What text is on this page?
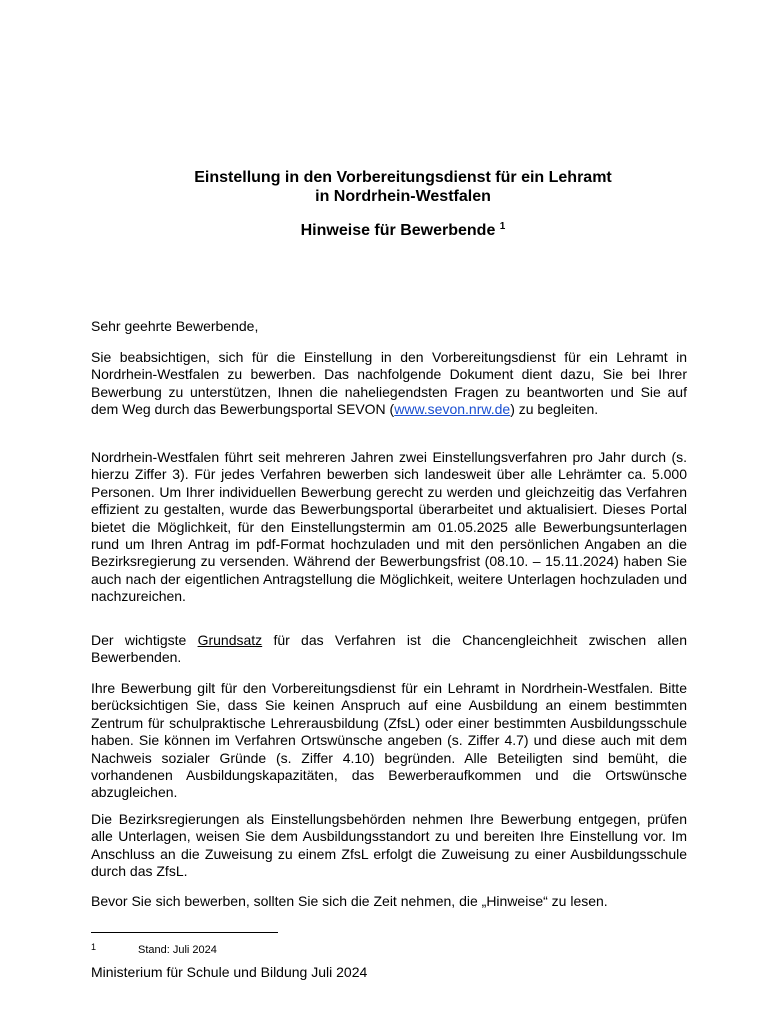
Einstellung in den Vorbereitungsdienst für ein Lehramt
in Nordrhein-Westfalen
Hinweise für Bewerbende $^1$

Sehr geehrte Bewerbende,

Sie beabsichtigen, sich für die Einstellung in den Vorbereitungsdienst für ein Lehramt in Nordrhein-Westfalen zu bewerben. Das nachfolgende Dokument dient dazu, Sie bei Ihrer Bewerbung zu unterstützen, Ihnen die naheliegendsten Fragen zu beantworten und Sie auf dem Weg durch das Bewerbungsportal SEVON (www.sevon.nrw.de) zu begleiten.

Nordrhein-Westfalen führt seit mehreren Jahren zwei Einstellungsverfahren pro Jahr durch (s. hierzu Ziffer 3). Für jedes Verfahren bewerben sich landesweit über alle Lehrämter ca. 5.000 Personen. Um Ihrer individuellen Bewerbung gerecht zu werden und gleichzeitig das Verfahren effizient zu gestalten, wurde das Bewerbungsportal überarbeitet und aktualisiert. Dieses Portal bietet die Möglichkeit, für den Einstellungstermin am 01.05.2025 alle Bewerbungsunterlagen rund um Ihren Antrag im pdf-Format hochzuladen und mit den persönlichen Angaben an die Bezirksregierung zu versenden. Während der Bewerbungsfrist (08.10. – 15.11.2024) haben Sie auch nach der eigentlichen Antragstellung die Möglichkeit, weitere Unterlagen hochzuladen und nachzureichen.

Der wichtigste Grundsatz für das Verfahren ist die Chancengleichheit zwischen allen Bewerbenden.

Ihre Bewerbung gilt für den Vorbereitungsdienst für ein Lehramt in Nordrhein-Westfalen. Bitte berücksichtigen Sie, dass Sie keinen Anspruch auf eine Ausbildung an einem bestimmten Zentrum für schulpraktische Lehrerausbildung (ZfsL) oder einer bestimmten Ausbildungsschule haben. Sie können im Verfahren Ortswünsche angeben (s. Ziffer 4.7) und diese auch mit dem Nachweis sozialer Gründe (s. Ziffer 4.10) begründen. Alle Beteiligten sind bemüht, die vorhandenen Ausbildungskapazitäten, das Bewerberaufkommen und die Ortswünsche abzugleichen.

Die Bezirksregierungen als Einstellungsbehörden nehmen Ihre Bewerbung entgegen, prüfen alle Unterlagen, weisen Sie dem Ausbildungsstandort zu und bereiten Ihre Einstellung vor. Im Anschluss an die Zuweisung zu einem ZfsL erfolgt die Zuweisung zu einer Ausbildungsschule durch das ZfsL.

Bevor Sie sich bewerben, sollten Sie sich die Zeit nehmen, die „Hinweise“ zu lesen.

1	Stand: Juli 2024
Ministerium für Schule und Bildung Juli 2024
